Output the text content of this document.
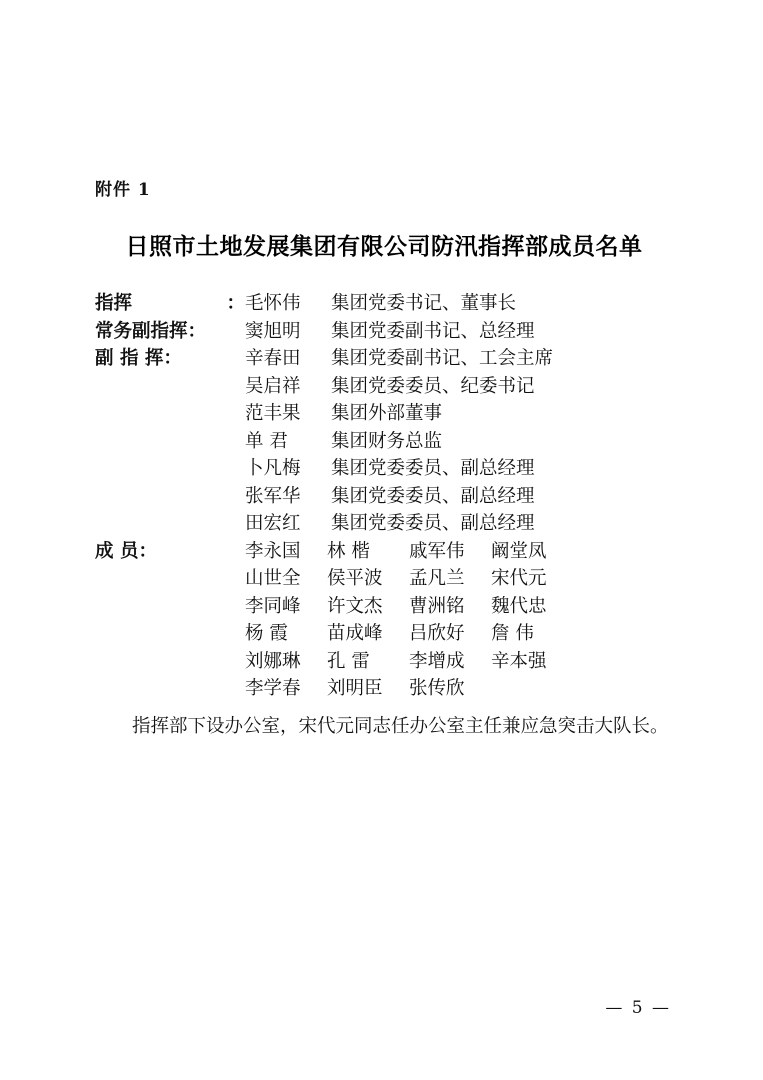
附件 1
日照市土地发展集团有限公司防汛指挥部成员名单
指挥	： 毛怀伟	集团党委书记、董事长
常务副指挥：	窦旭明	集团党委副书记、总经理
副 指 挥：	辛春田	集团党委副书记、工会主席
吴启祥	集团党委委员、纪委书记
范丰果	集团外部董事
单 君	集团财务总监
卜凡梅	集团党委委员、副总经理
张军华	集团党委委员、副总经理
田宏红	集团党委委员、副总经理
成 员：	李永国	林 楷	戚军伟	阚堂凤
山世全	侯平波	孟凡兰	宋代元
李同峰	许文杰	曹洲铭	魏代忠
杨 霞	苗成峰	吕欣好	詹 伟
刘娜琳	孔 雷	李增成	辛本强
李学春	刘明臣	张传欣

指挥部下设办公室，宋代元同志任办公室主任兼应急突击大队长。

— 5 —
